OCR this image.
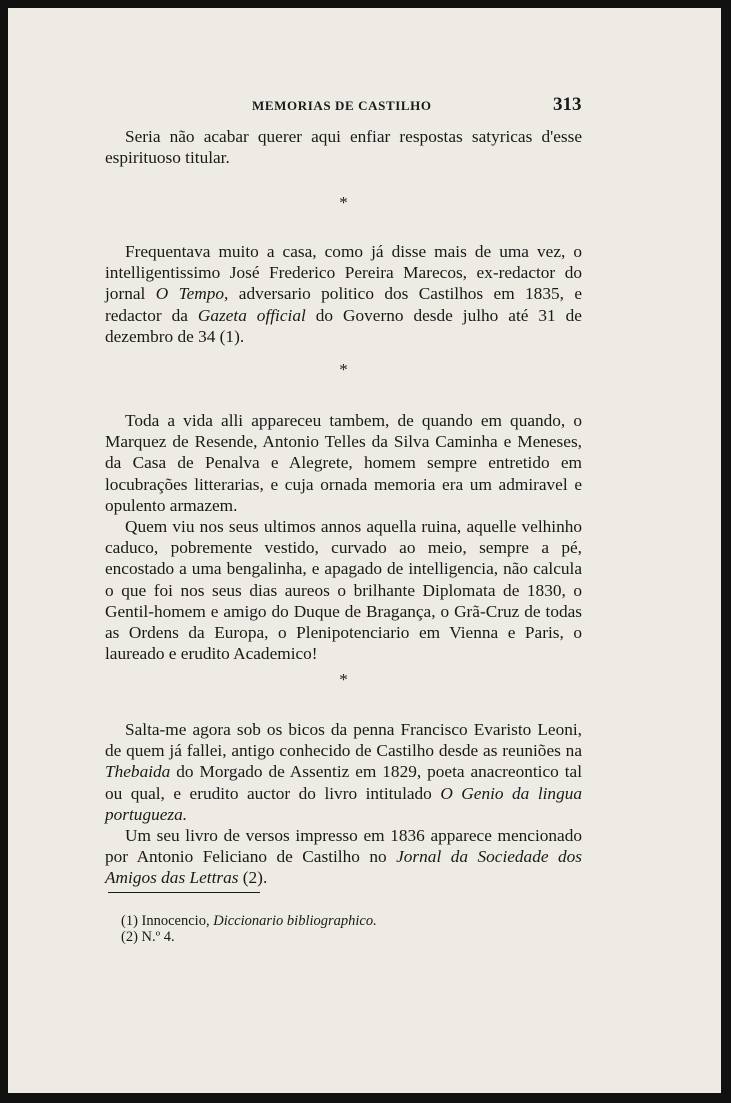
MEMORIAS DE CASTILHO	313

Seria não acabar querer aqui enfiar respostas satyricas d'esse espirituoso titular.

*

Frequentava muito a casa, como já disse mais de uma vez, o intelligentissimo José Frederico Pereira Marecos, ex-redactor do jornal O Tempo, adversario politico dos Castilhos em 1835, e redactor da Gazeta official do Governo desde julho até 31 de dezembro de 34 (1).

*

Toda a vida alli appareceu tambem, de quando em quando, o Marquez de Resende, Antonio Telles da Silva Caminha e Meneses, da Casa de Penalva e Alegrete, homem sempre entretido em locubrações litterarias, e cuja ornada memoria era um admiravel e opulento armazem.

Quem viu nos seus ultimos annos aquella ruina, aquelle velhinho caduco, pobremente vestido, curvado ao meio, sempre a pé, encostado a uma bengalinha, e apagado de intelligencia, não calcula o que foi nos seus dias aureos o brilhante Diplomata de 1830, o Gentil-homem e amigo do Duque de Bragança, o Grã-Cruz de todas as Ordens da Europa, o Plenipotenciario em Vienna e Paris, o laureado e erudito Academico!

*

Salta-me agora sob os bicos da penna Francisco Evaristo Leoni, de quem já fallei, antigo conhecido de Castilho desde as reuniões na Thebaida do Morgado de Assentiz em 1829, poeta anacreontico tal ou qual, e erudito auctor do livro intitulado O Genio da lingua portugueza.

Um seu livro de versos impresso em 1836 apparece mencionado por Antonio Feliciano de Castilho no Jornal da Sociedade dos Amigos das Lettras (2).

(1) Innocencio, Diccionario bibliographico.
(2) N.º 4.
